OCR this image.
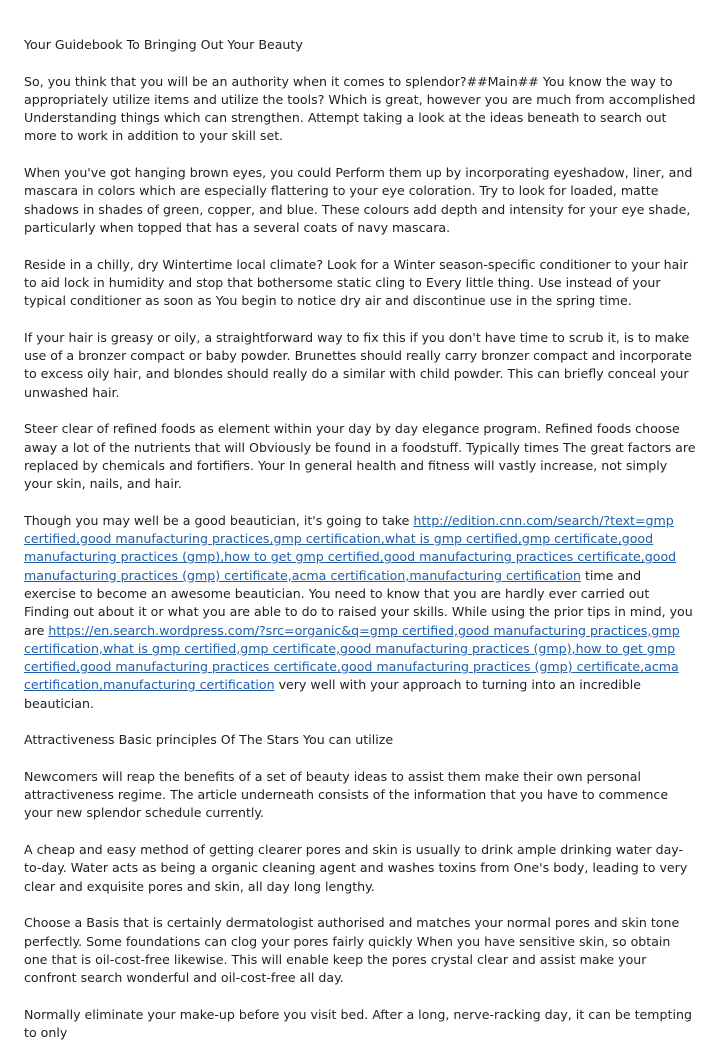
Your Guidebook To Bringing Out Your Beauty

So, you think that you will be an authority when it comes to splendor?##Main## You know the way to appropriately utilize items and utilize the tools? Which is great, however you are much from accomplished Understanding things which can strengthen. Attempt taking a look at the ideas beneath to search out more to work in addition to your skill set.

When you've got hanging brown eyes, you could Perform them up by incorporating eyeshadow, liner, and mascara in colors which are especially flattering to your eye coloration. Try to look for loaded, matte shadows in shades of green, copper, and blue. These colours add depth and intensity for your eye shade, particularly when topped that has a several coats of navy mascara.

Reside in a chilly, dry Wintertime local climate? Look for a Winter season-specific conditioner to your hair to aid lock in humidity and stop that bothersome static cling to Every little thing. Use instead of your typical conditioner as soon as You begin to notice dry air and discontinue use in the spring time.

If your hair is greasy or oily, a straightforward way to fix this if you don't have time to scrub it, is to make use of a bronzer compact or baby powder. Brunettes should really carry bronzer compact and incorporate to excess oily hair, and blondes should really do a similar with child powder. This can briefly conceal your unwashed hair.

Steer clear of refined foods as element within your day by day elegance program. Refined foods choose away a lot of the nutrients that will Obviously be found in a foodstuff. Typically times The great factors are replaced by chemicals and fortifiers. Your In general health and fitness will vastly increase, not simply your skin, nails, and hair.

Though you may well be a good beautician, it's going to take http://edition.cnn.com/search/?text=gmp certified,good manufacturing practices,gmp certification,what is gmp certified,gmp certificate,good manufacturing practices (gmp),how to get gmp certified,good manufacturing practices certificate,good manufacturing practices (gmp) certificate,acma certification,manufacturing certification time and exercise to become an awesome beautician. You need to know that you are hardly ever carried out Finding out about it or what you are able to do to raised your skills. While using the prior tips in mind, you are https://en.search.wordpress.com/?src=organic&q=gmp certified,good manufacturing practices,gmp certification,what is gmp certified,gmp certificate,good manufacturing practices (gmp),how to get gmp certified,good manufacturing practices certificate,good manufacturing practices (gmp) certificate,acma certification,manufacturing certification very well with your approach to turning into an incredible beautician.

Attractiveness Basic principles Of The Stars You can utilize

Newcomers will reap the benefits of a set of beauty ideas to assist them make their own personal attractiveness regime. The article underneath consists of the information that you have to commence your new splendor schedule currently.

A cheap and easy method of getting clearer pores and skin is usually to drink ample drinking water day-to-day. Water acts as being a organic cleaning agent and washes toxins from One's body, leading to very clear and exquisite pores and skin, all day long lengthy.

Choose a Basis that is certainly dermatologist authorised and matches your normal pores and skin tone perfectly. Some foundations can clog your pores fairly quickly When you have sensitive skin, so obtain one that is oil-cost-free likewise. This will enable keep the pores crystal clear and assist make your confront search wonderful and oil-cost-free all day.

Normally eliminate your make-up before you visit bed. After a long, nerve-racking day, it can be tempting to only
